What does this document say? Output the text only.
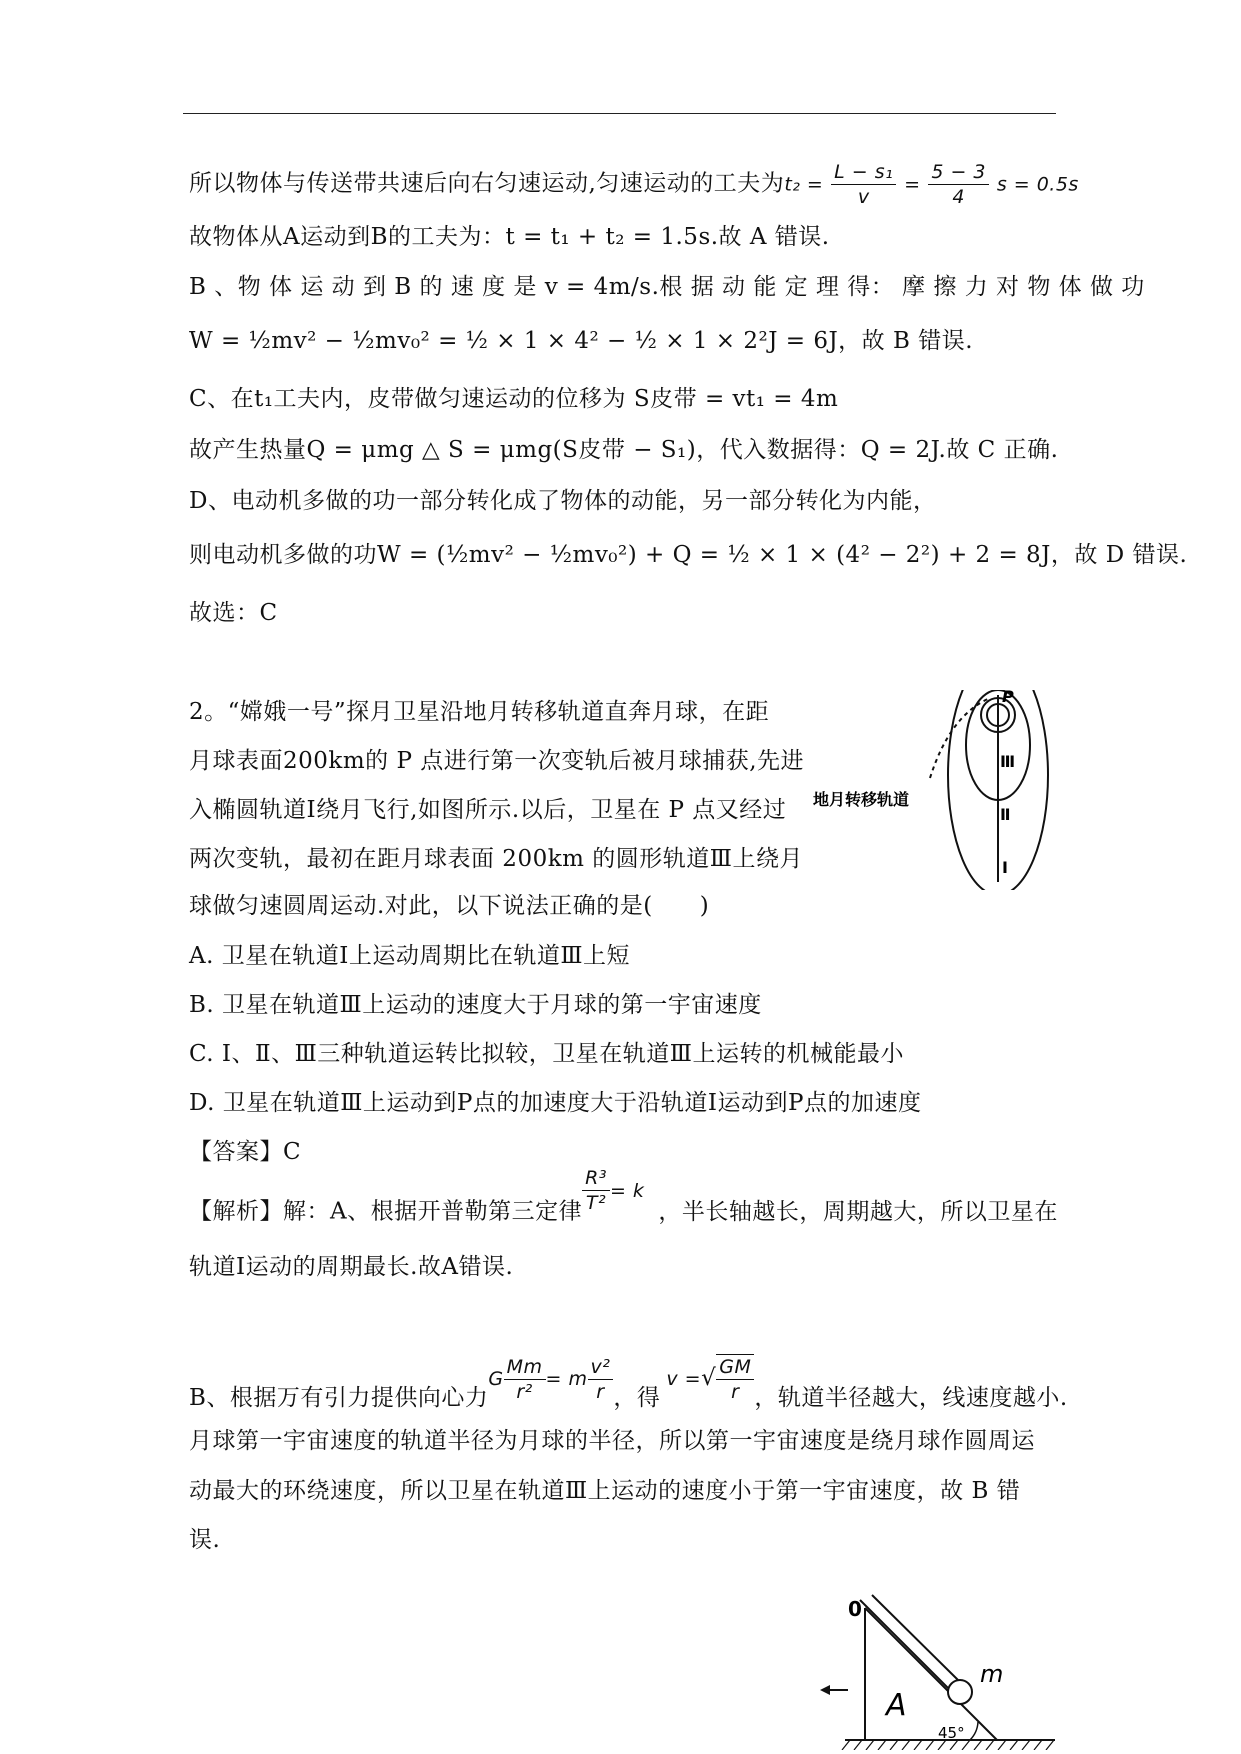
所以物体与传送带共速后向右匀速运动,匀速运动的工夫为$t_2 = \frac{\text{L − s₁}}{v} = \frac{5 - 3}{4}$ s = 0.5s
故物体从A运动到B的工夫为：t = t₁ + t₂ = 1.5s.故 A 错误.
B 、物 体 运 动 到 B 的 速 度 是 v = 4m/s.根 据 动 能 定 理 得： 摩 擦 力 对 物 体 做 功
W = ½mv² − ½mv₀² = ½ × 1 × 4² − ½ × 1 × 2²J = 6J，故 B 错误.
C、在t₁工夫内，皮带做匀速运动的位移为 S皮带 = vt₁ = 4m
故产生热量Q = μmg △ S = μmg(S皮带 − S₁)，代入数据得：Q = 2J.故 C 正确.
D、电动机多做的功一部分转化成了物体的动能，另一部分转化为内能，
则电动机多做的功W = (½mv² − ½mv₀²) + Q = ½ × 1 × (4² − 2²) + 2 = 8J，故 D 错误.
故选：C
2。“嫦娥一号”探月卫星沿地月转移轨道直奔月球，在距
月球表面200km的 P 点进行第一次变轨后被月球捕获,先进
入椭圆轨道Ⅰ绕月飞行,如图所示.以后，卫星在 P 点又经过
两次变轨，最初在距月球表面 200km 的圆形轨道Ⅲ上绕月
球做匀速圆周运动.对此，以下说法正确的是(　　)
A. 卫星在轨道Ⅰ上运动周期比在轨道Ⅲ上短
B. 卫星在轨道Ⅲ上运动的速度大于月球的第一宇宙速度
C. Ⅰ、Ⅱ、Ⅲ三种轨道运转比拟较，卫星在轨道Ⅲ上运转的机械能最小
D. 卫星在轨道Ⅲ上运动到P点的加速度大于沿轨道Ⅰ运动到P点的加速度
【答案】C
【解析】解：A、根据开普勒第三定律 $\frac{\text{R³}}{\text{T²}} ^{= k}$，半长轴越长，周期越大，所以卫星在
轨道Ⅰ运动的周期最长.故A错误.
B、根据万有引力提供向心力$^G \frac{Mm}{\text{r²}} ^{= m} \frac{\text{v²}}{r}$ ，得$^{v =}√ \frac{GM}{r}$ ，轨道半径越大，线速度越小.
月球第一宇宙速度的轨道半径为月球的半径，所以第一宇宙速度是绕月球作圆周运
动最大的环绕速度，所以卫星在轨道Ⅲ上运动的速度小于第一宇宙速度，故 B 错
误.
P
Ⅲ
Ⅱ
Ⅰ
地月转移轨道
0
m
A
45°
